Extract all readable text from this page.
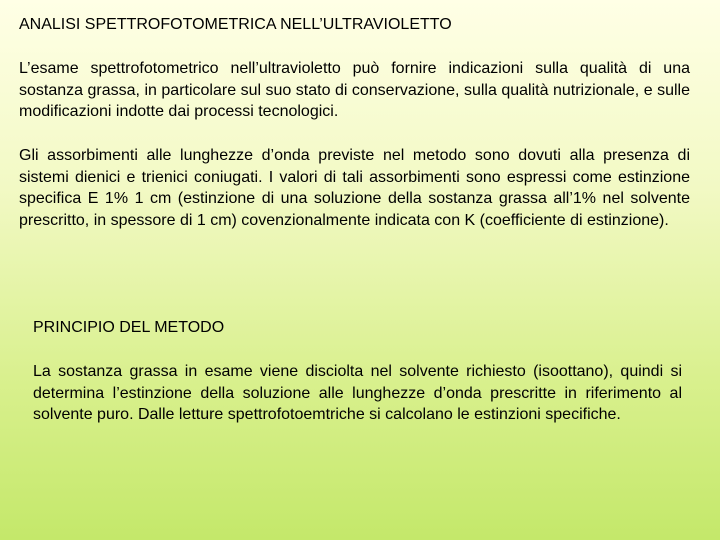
ANALISI SPETTROFOTOMETRICA NELL’ULTRAVIOLETTO

L’esame spettrofotometrico nell’ultravioletto può fornire indicazioni sulla qualità di una sostanza grassa, in particolare sul suo stato di conservazione, sulla qualità nutrizionale, e sulle modificazioni indotte dai processi tecnologici.

Gli assorbimenti alle lunghezze d’onda previste nel metodo sono dovuti alla presenza di sistemi dienici e trienici coniugati. I valori di tali assorbimenti sono espressi come estinzione specifica E 1% 1 cm (estinzione di una soluzione della sostanza grassa all’1% nel solvente prescritto, in spessore di 1 cm) covenzionalmente indicata con K (coefficiente di estinzione).

PRINCIPIO DEL METODO

La sostanza grassa in esame viene disciolta nel solvente richiesto (isoottano), quindi si determina l’estinzione della soluzione alle lunghezze d’onda prescritte in riferimento al solvente puro. Dalle letture spettrofotoemtriche si calcolano le estinzioni specifiche.
